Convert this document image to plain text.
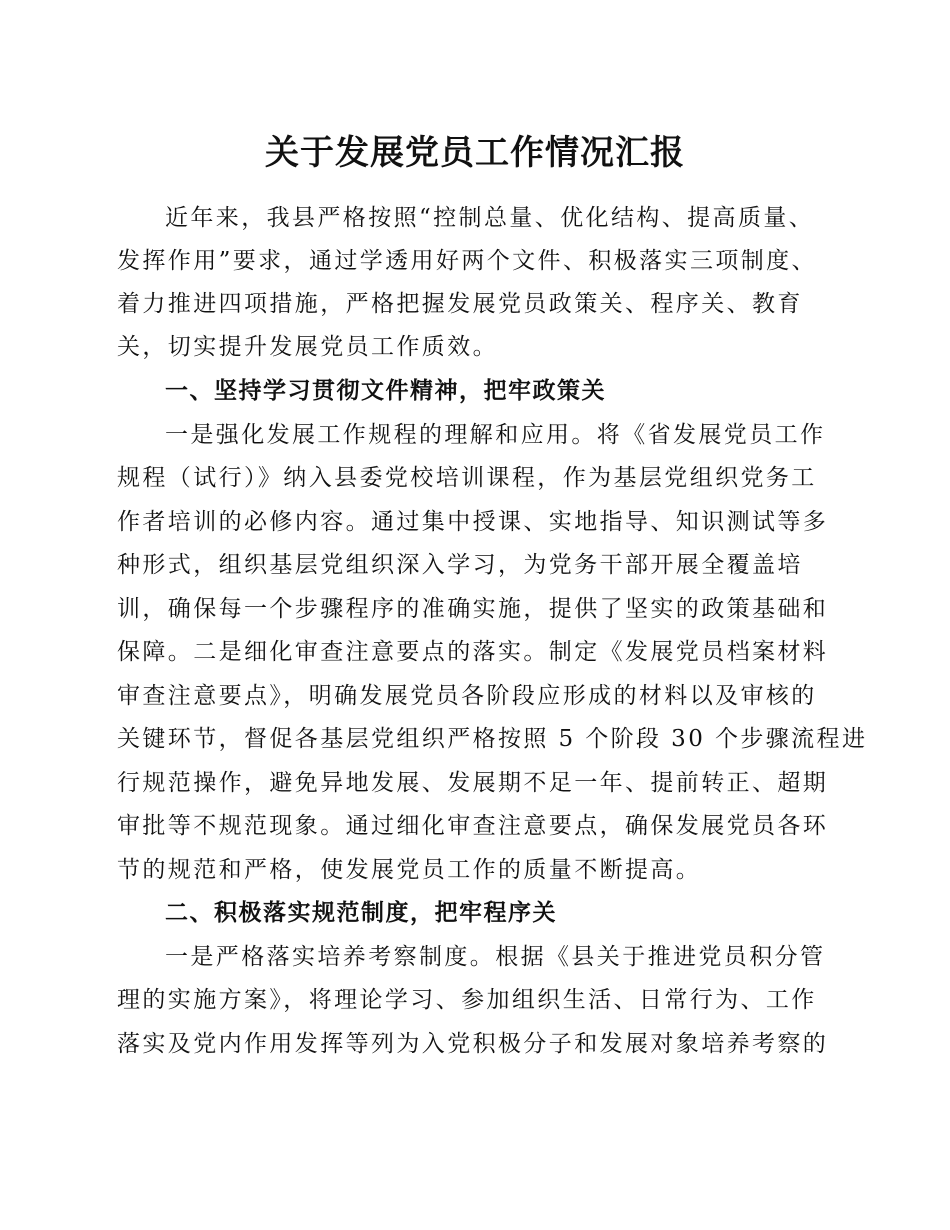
关于发展党员工作情况汇报

近年来，我县严格按照“控制总量、优化结构、提高质量、

发挥作用”要求，通过学透用好两个文件、积极落实三项制度、

着力推进四项措施，严格把握发展党员政策关、程序关、教育

关，切实提升发展党员工作质效。

一、坚持学习贯彻文件精神，把牢政策关

一是强化发展工作规程的理解和应用。将《省发展党员工作

规程（试行）》纳入县委党校培训课程，作为基层党组织党务工

作者培训的必修内容。通过集中授课、实地指导、知识测试等多

种形式，组织基层党组织深入学习，为党务干部开展全覆盖培

训，确保每一个步骤程序的准确实施，提供了坚实的政策基础和

保障。二是细化审查注意要点的落实。制定《发展党员档案材料

审查注意要点》，明确发展党员各阶段应形成的材料以及审核的

关键环节，督促各基层党组织严格按照 5 个阶段 30 个步骤流程进

行规范操作，避免异地发展、发展期不足一年、提前转正、超期

审批等不规范现象。通过细化审查注意要点，确保发展党员各环

节的规范和严格，使发展党员工作的质量不断提高。

二、积极落实规范制度，把牢程序关

一是严格落实培养考察制度。根据《县关于推进党员积分管

理的实施方案》，将理论学习、参加组织生活、日常行为、工作

落实及党内作用发挥等列为入党积极分子和发展对象培养考察的
